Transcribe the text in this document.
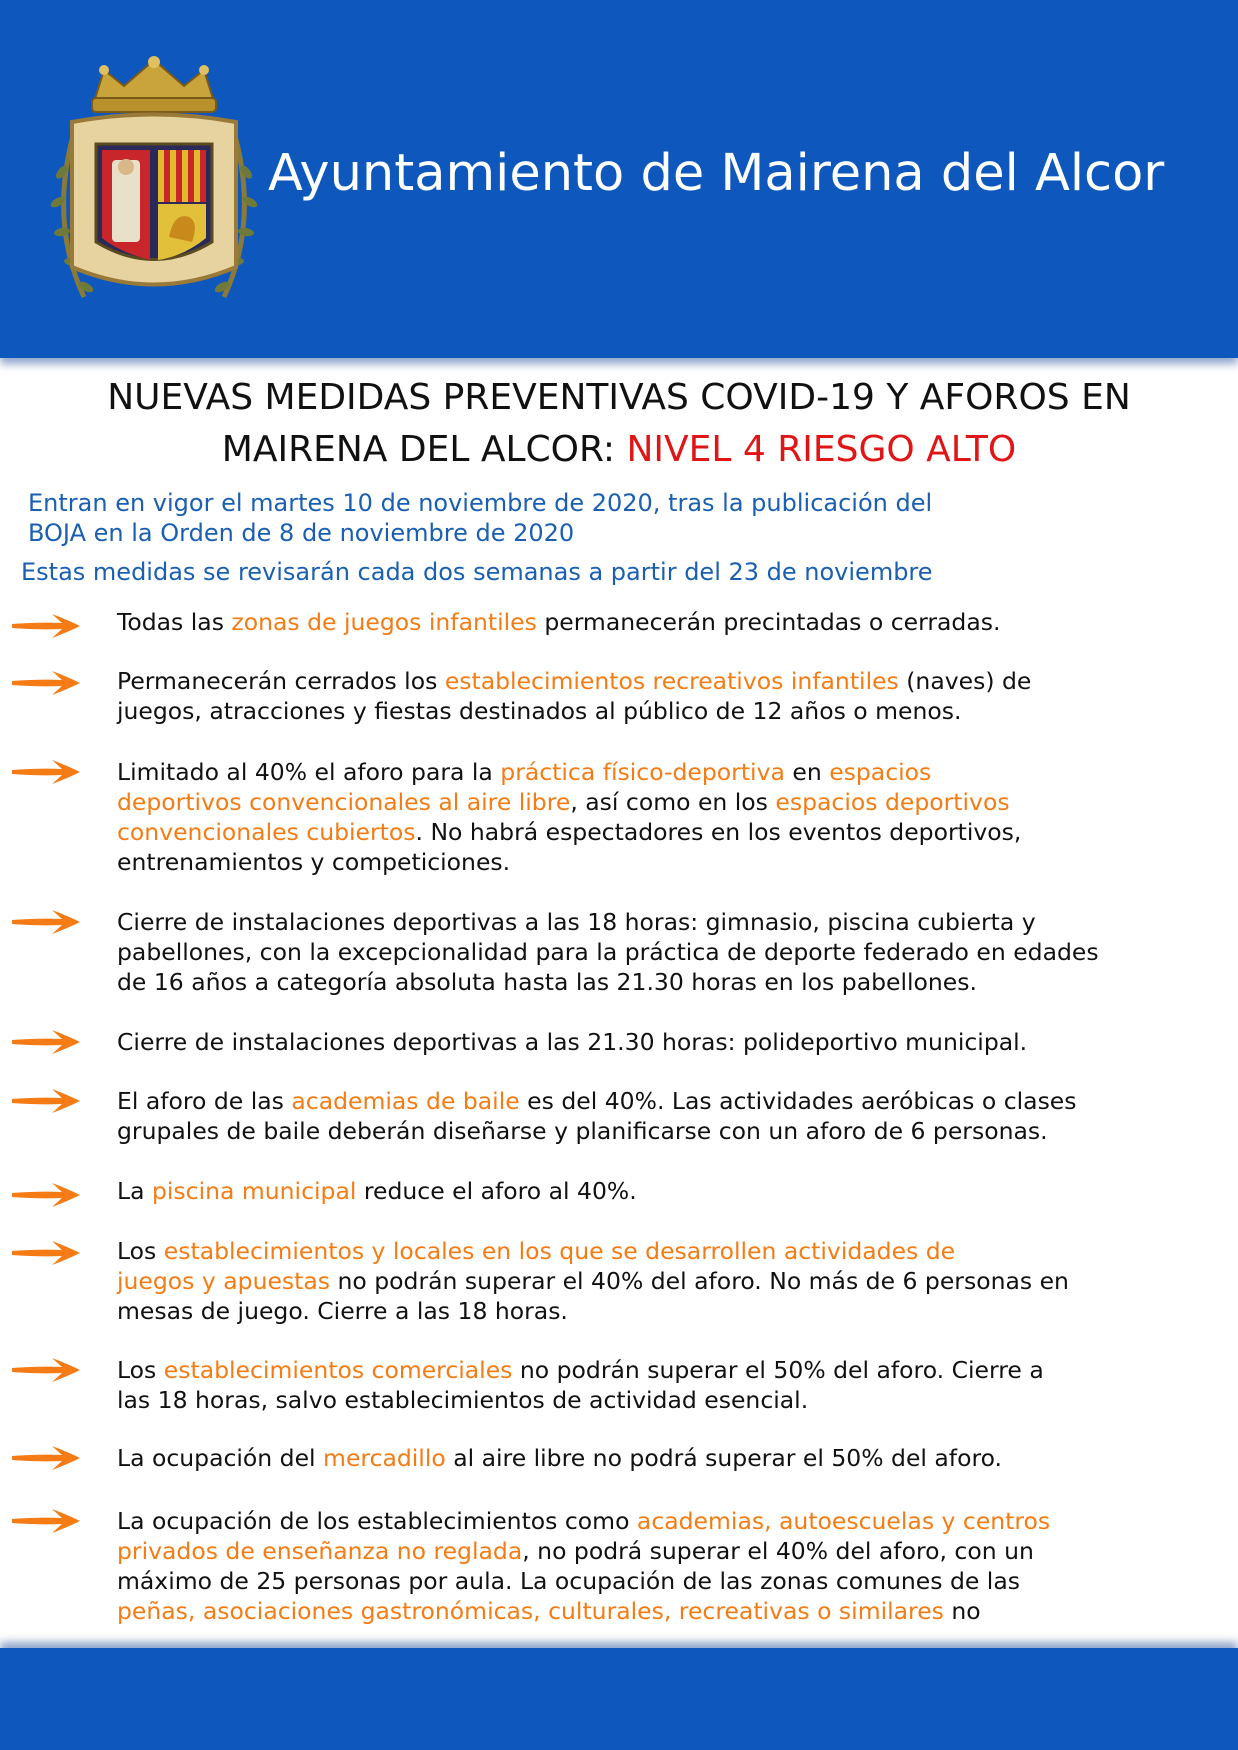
Ayuntamiento de Mairena del Alcor
NUEVAS MEDIDAS PREVENTIVAS COVID-19 Y AFOROS EN
MAIRENA DEL ALCOR: NIVEL 4 RIESGO ALTO
Entran en vigor el martes 10 de noviembre de 2020, tras la publicación del
BOJA en la Orden de 8 de noviembre de 2020
Estas medidas se revisarán cada dos semanas a partir del 23 de noviembre
Todas las zonas de juegos infantiles permanecerán precintadas o cerradas.
Permanecerán cerrados los establecimientos recreativos infantiles (naves) de
juegos, atracciones y fiestas destinados al público de 12 años o menos.
Limitado al 40% el aforo para la práctica físico-deportiva en espacios
deportivos convencionales al aire libre, así como en los espacios deportivos
convencionales cubiertos. No habrá espectadores en los eventos deportivos,
entrenamientos y competiciones.
Cierre de instalaciones deportivas a las 18 horas: gimnasio, piscina cubierta y
pabellones, con la excepcionalidad para la práctica de deporte federado en edades
de 16 años a categoría absoluta hasta las 21.30 horas en los pabellones.
Cierre de instalaciones deportivas a las 21.30 horas: polideportivo municipal.
El aforo de las academias de baile es del 40%. Las actividades aeróbicas o clases
grupales de baile deberán diseñarse y planificarse con un aforo de 6 personas.
La piscina municipal reduce el aforo al 40%.
Los establecimientos y locales en los que se desarrollen actividades de
juegos y apuestas no podrán superar el 40% del aforo. No más de 6 personas en
mesas de juego. Cierre a las 18 horas.
Los establecimientos comerciales no podrán superar el 50% del aforo. Cierre a
las 18 horas, salvo establecimientos de actividad esencial.
La ocupación del mercadillo al aire libre no podrá superar el 50% del aforo.
La ocupación de los establecimientos como academias, autoescuelas y centros
privados de enseñanza no reglada, no podrá superar el 40% del aforo, con un
máximo de 25 personas por aula. La ocupación de las zonas comunes de las
peñas, asociaciones gastronómicas, culturales, recreativas o similares no
